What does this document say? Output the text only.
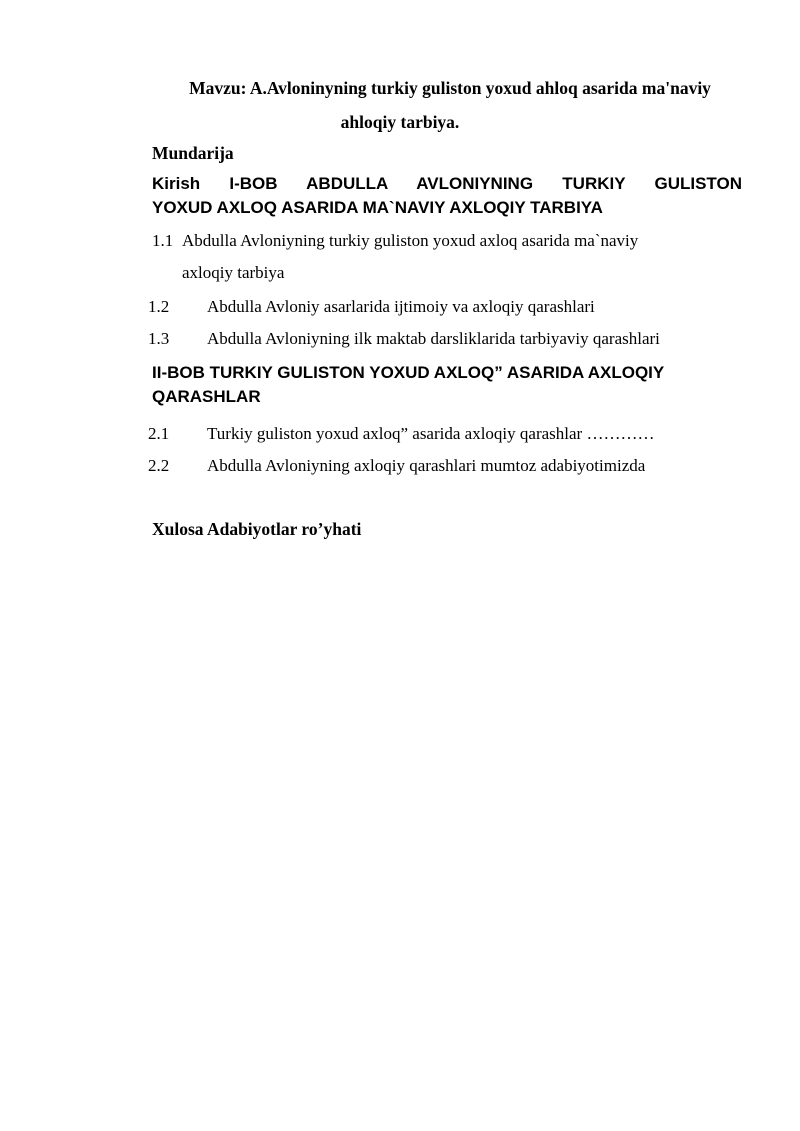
Mavzu: A.Avloninyning turkiy guliston yoxud ahloq asarida ma'naviy
ahloqiy tarbiya.
Mundarija
Kirish I-BOB ABDULLA AVLONIYNING TURKIY GULISTON
YOXUD AXLOQ ASARIDA MA`NAVIY AXLOQIY TARBIYA
1.1 Abdulla Avloniyning turkiy guliston yoxud axloq asarida ma`naviy
axloqiy tarbiya
1.2 Abdulla Avloniy asarlarida ijtimoiy va axloqiy qarashlari
1.3 Abdulla Avloniyning ilk maktab darsliklarida tarbiyaviy qarashlari
II-BOB TURKIY GULISTON YOXUD AXLOQ” ASARIDA AXLOQIY
QARASHLAR
2.1 Turkiy guliston yoxud axloq” asarida axloqiy qarashlar …………
2.2 Abdulla Avloniyning axloqiy qarashlari mumtoz adabiyotimizda
Xulosa Adabiyotlar ro’yhati
